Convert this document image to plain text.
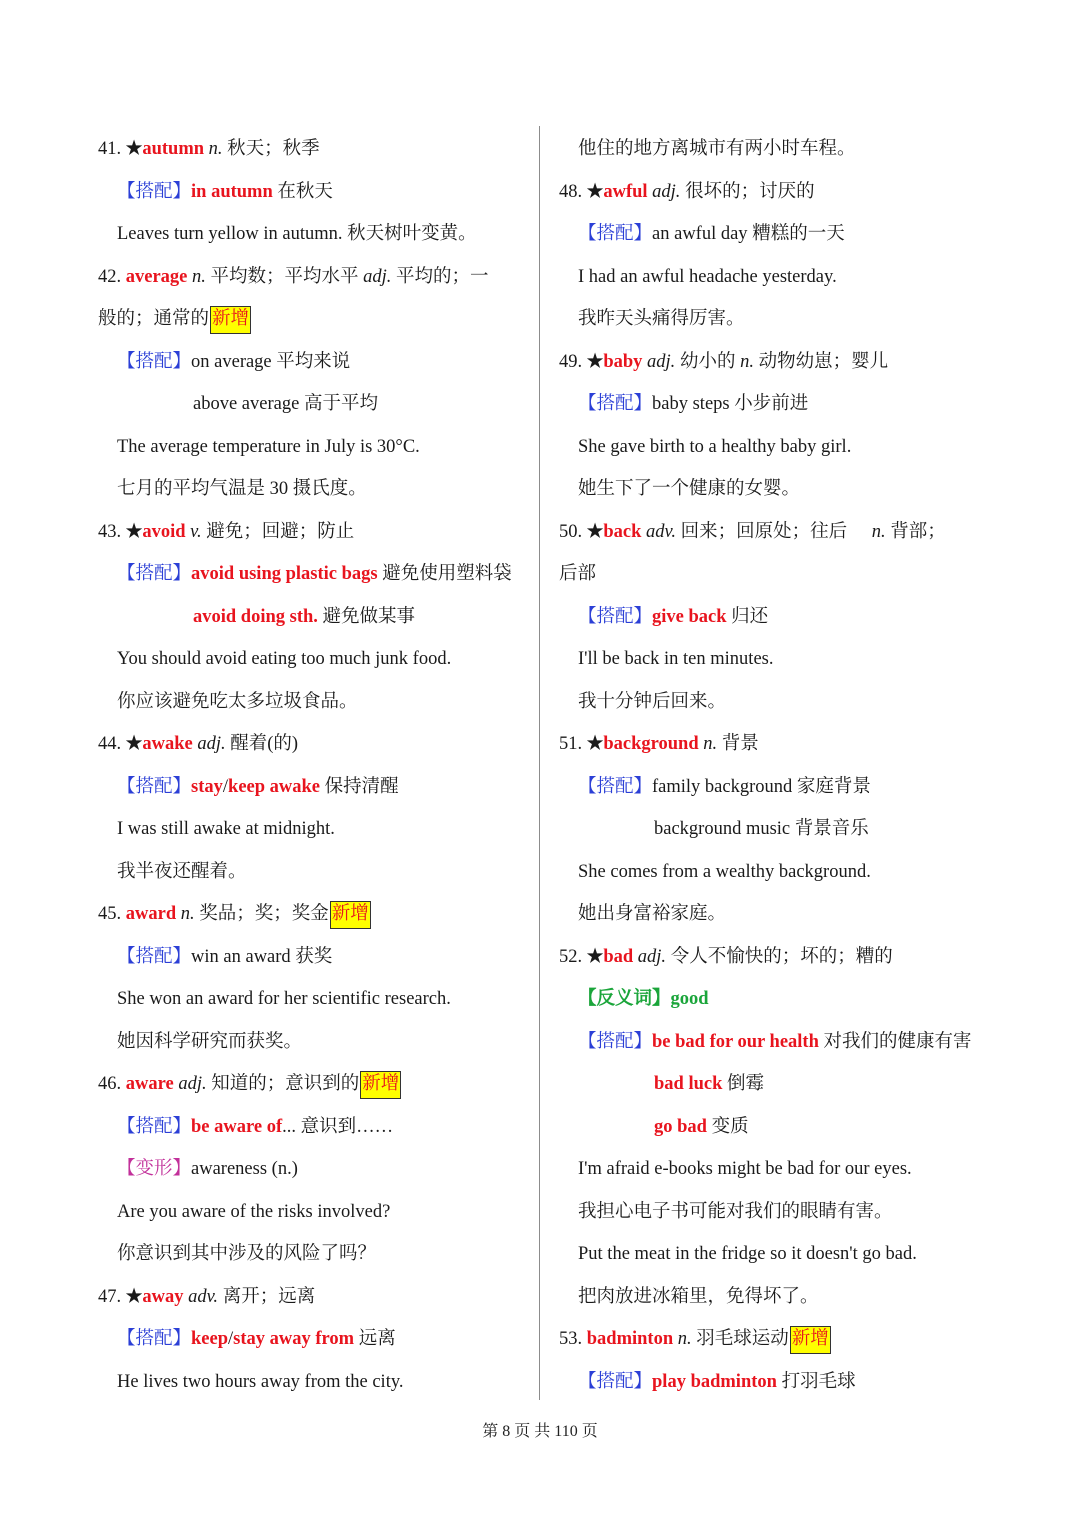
41. ★autumn n. 秋天；秋季
【搭配】in autumn 在秋天
Leaves turn yellow in autumn. 秋天树叶变黄。
42. average n. 平均数；平均水平 adj. 平均的；一
般的；通常的 新增
【搭配】on average 平均来说
above average 高于平均
The average temperature in July is 30°C.
七月的平均气温是 30 摄氏度。
43. ★avoid v. 避免；回避；防止
【搭配】avoid using plastic bags 避免使用塑料袋
avoid doing sth. 避免做某事
You should avoid eating too much junk food.
你应该避免吃太多垃圾食品。
44. ★awake adj. 醒着(的)
【搭配】stay/keep awake 保持清醒
I was still awake at midnight.
我半夜还醒着。
45. award n. 奖品；奖；奖金 新增
【搭配】win an award 获奖
She won an award for her scientific research.
她因科学研究而获奖。
46. aware adj. 知道的；意识到的 新增
【搭配】be aware of... 意识到……
【变形】awareness (n.)
Are you aware of the risks involved?
你意识到其中涉及的风险了吗？
47. ★away adv. 离开；远离
【搭配】keep/stay away from 远离
He lives two hours away from the city.
他住的地方离城市有两小时车程。
48. ★awful adj. 很坏的；讨厌的
【搭配】an awful day 糟糕的一天
I had an awful headache yesterday.
我昨天头痛得厉害。
49. ★baby adj. 幼小的 n. 动物幼崽；婴儿
【搭配】baby steps 小步前进
She gave birth to a healthy baby girl.
她生下了一个健康的女婴。
50. ★back adv. 回来；回原处；往后 n. 背部；
后部
【搭配】give back 归还
I'll be back in ten minutes.
我十分钟后回来。
51. ★background n. 背景
【搭配】family background 家庭背景
background music 背景音乐
She comes from a wealthy background.
她出身富裕家庭。
52. ★bad adj. 令人不愉快的；坏的；糟的
【反义词】good
【搭配】be bad for our health 对我们的健康有害
bad luck 倒霉
go bad 变质
I'm afraid e-books might be bad for our eyes.
我担心电子书可能对我们的眼睛有害。
Put the meat in the fridge so it doesn't go bad.
把肉放进冰箱里，免得坏了。
53. badminton n. 羽毛球运动 新增
【搭配】play badminton 打羽毛球
第 8 页 共 110 页
